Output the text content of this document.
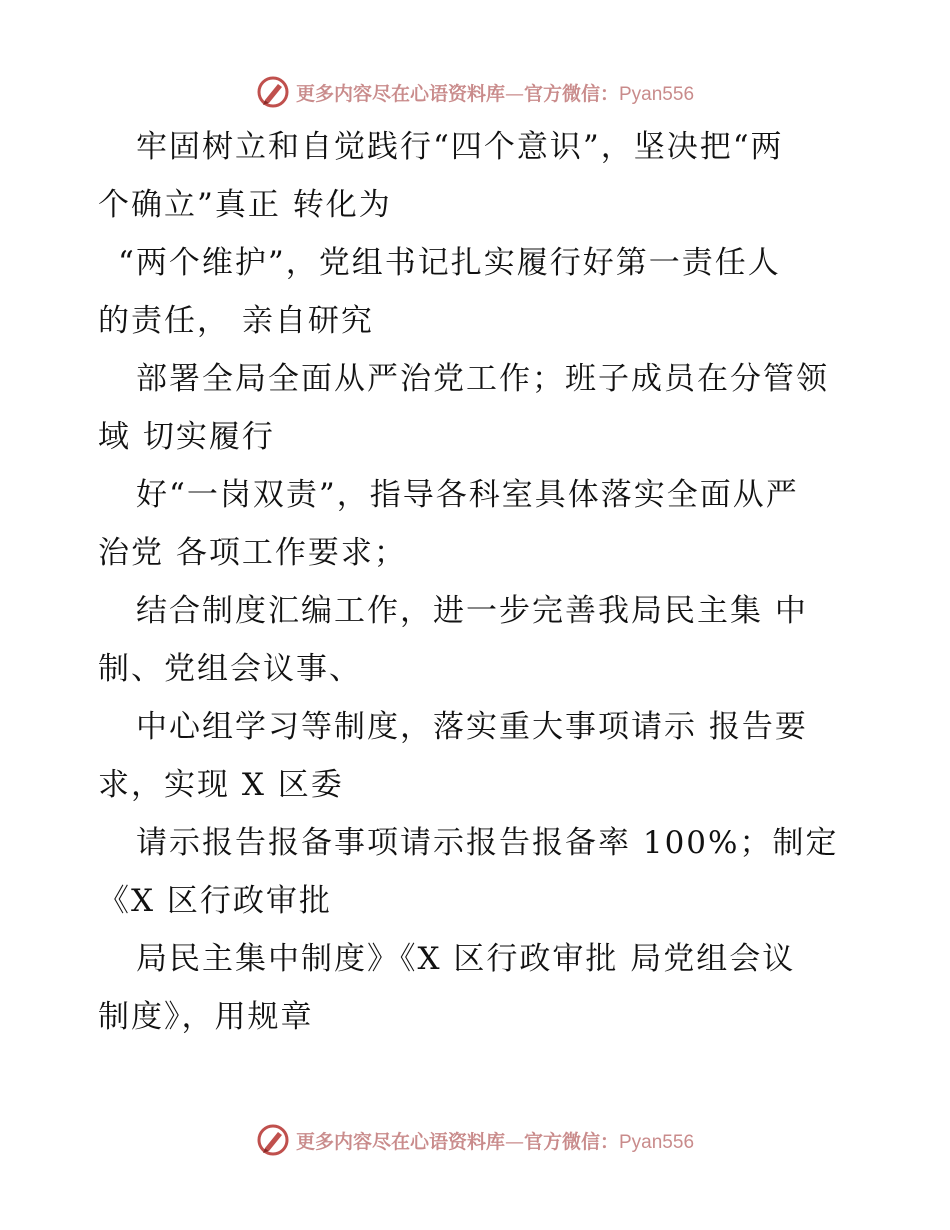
更多内容尽在心语资料库—官方微信：Pyan556
牢固树立和自觉践行“四个意识”，坚决把“两
个确立”真正 转化为
“两个维护”，党组书记扎实履行好第一责任人
的责任， 亲自研究
部署全局全面从严治党工作；班子成员在分管领
域 切实履行
好“一岗双责”，指导各科室具体落实全面从严
治党 各项工作要求；
结合制度汇编工作，进一步完善我局民主集 中
制、党组会议事、
中心组学习等制度，落实重大事项请示 报告要
求，实现 X 区委
请示报告报备事项请示报告报备率 100%；制定
《X 区行政审批
局民主集中制度》《X 区行政审批 局党组会议
制度》，用规章
更多内容尽在心语资料库—官方微信：Pyan556
